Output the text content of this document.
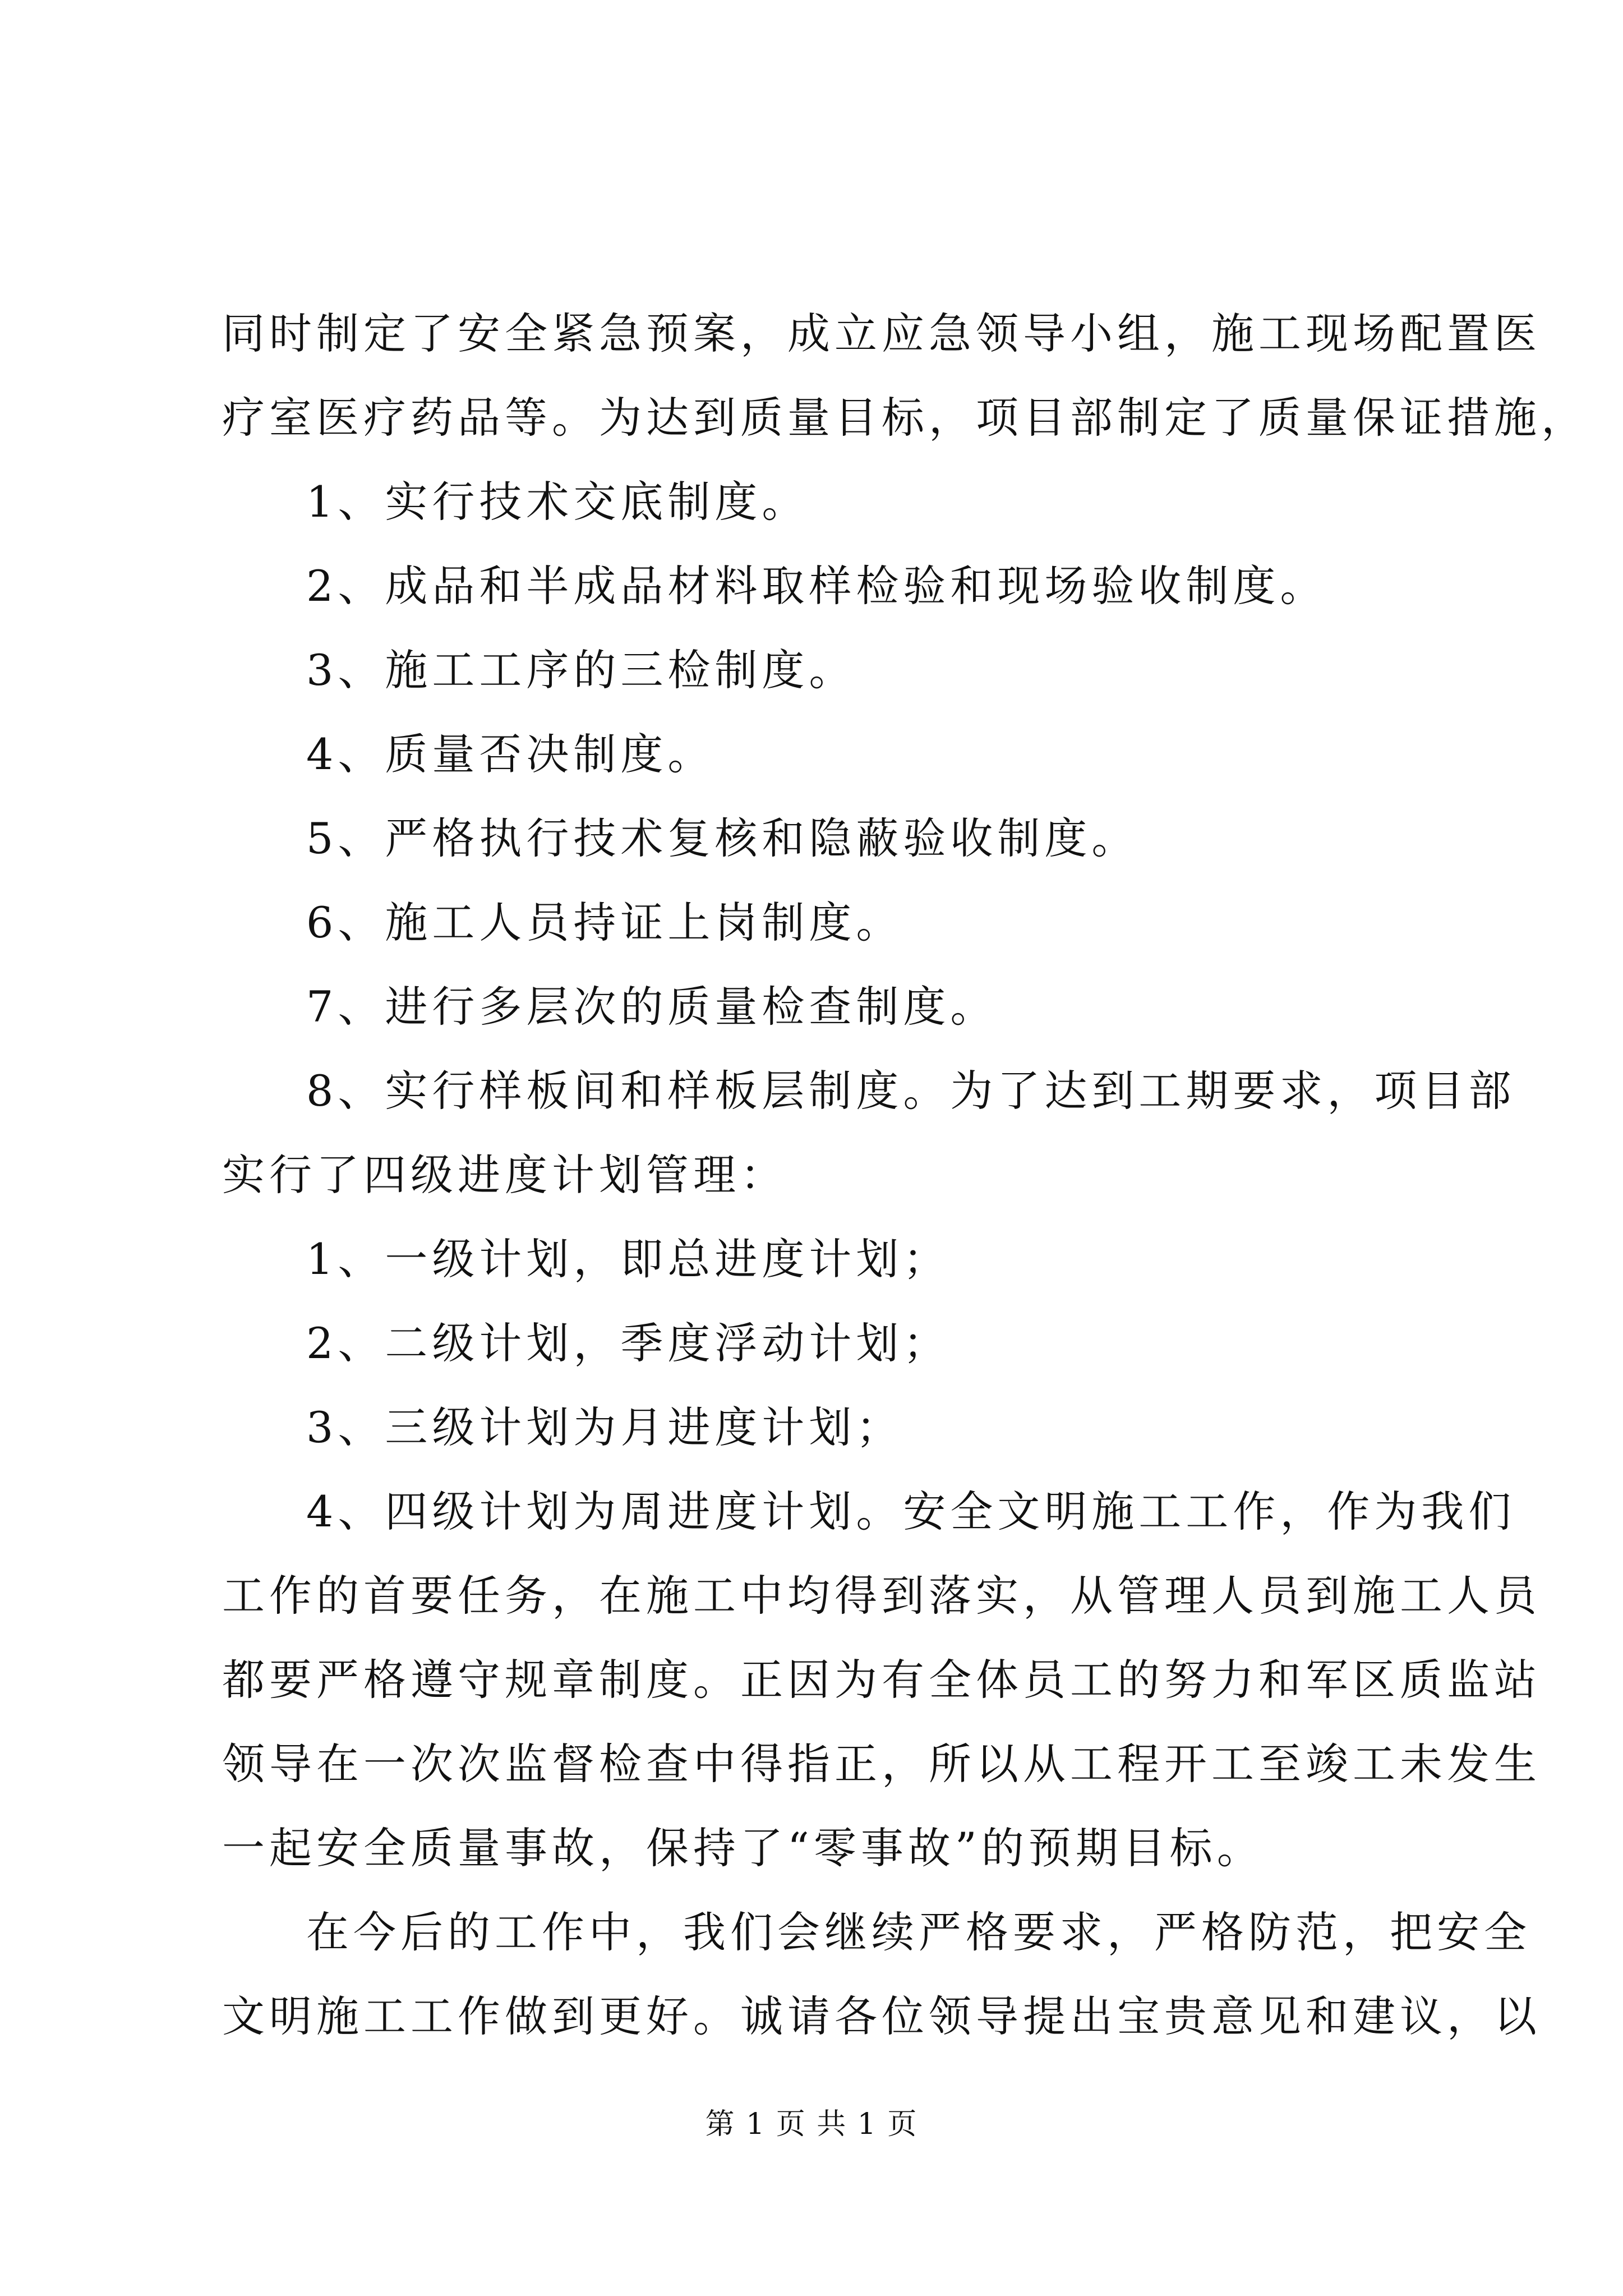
同时制定了安全紧急预案，成立应急领导小组，施工现场配置医
疗室医疗药品等。为达到质量目标，项目部制定了质量保证措施，
1、实行技术交底制度。
2、成品和半成品材料取样检验和现场验收制度。
3、施工工序的三检制度。
4、质量否决制度。
5、严格执行技术复核和隐蔽验收制度。
6、施工人员持证上岗制度。
7、进行多层次的质量检查制度。
8、实行样板间和样板层制度。为了达到工期要求，项目部
实行了四级进度计划管理：
1、一级计划，即总进度计划；
2、二级计划，季度浮动计划；
3、三级计划为月进度计划；
4、四级计划为周进度计划。安全文明施工工作，作为我们
工作的首要任务，在施工中均得到落实，从管理人员到施工人员
都要严格遵守规章制度。正因为有全体员工的努力和军区质监站
领导在一次次监督检查中得指正，所以从工程开工至竣工未发生
一起安全质量事故，保持了“零事故”的预期目标。
在今后的工作中，我们会继续严格要求，严格防范，把安全
文明施工工作做到更好。诚请各位领导提出宝贵意见和建议，以
第 1 页 共 1 页
